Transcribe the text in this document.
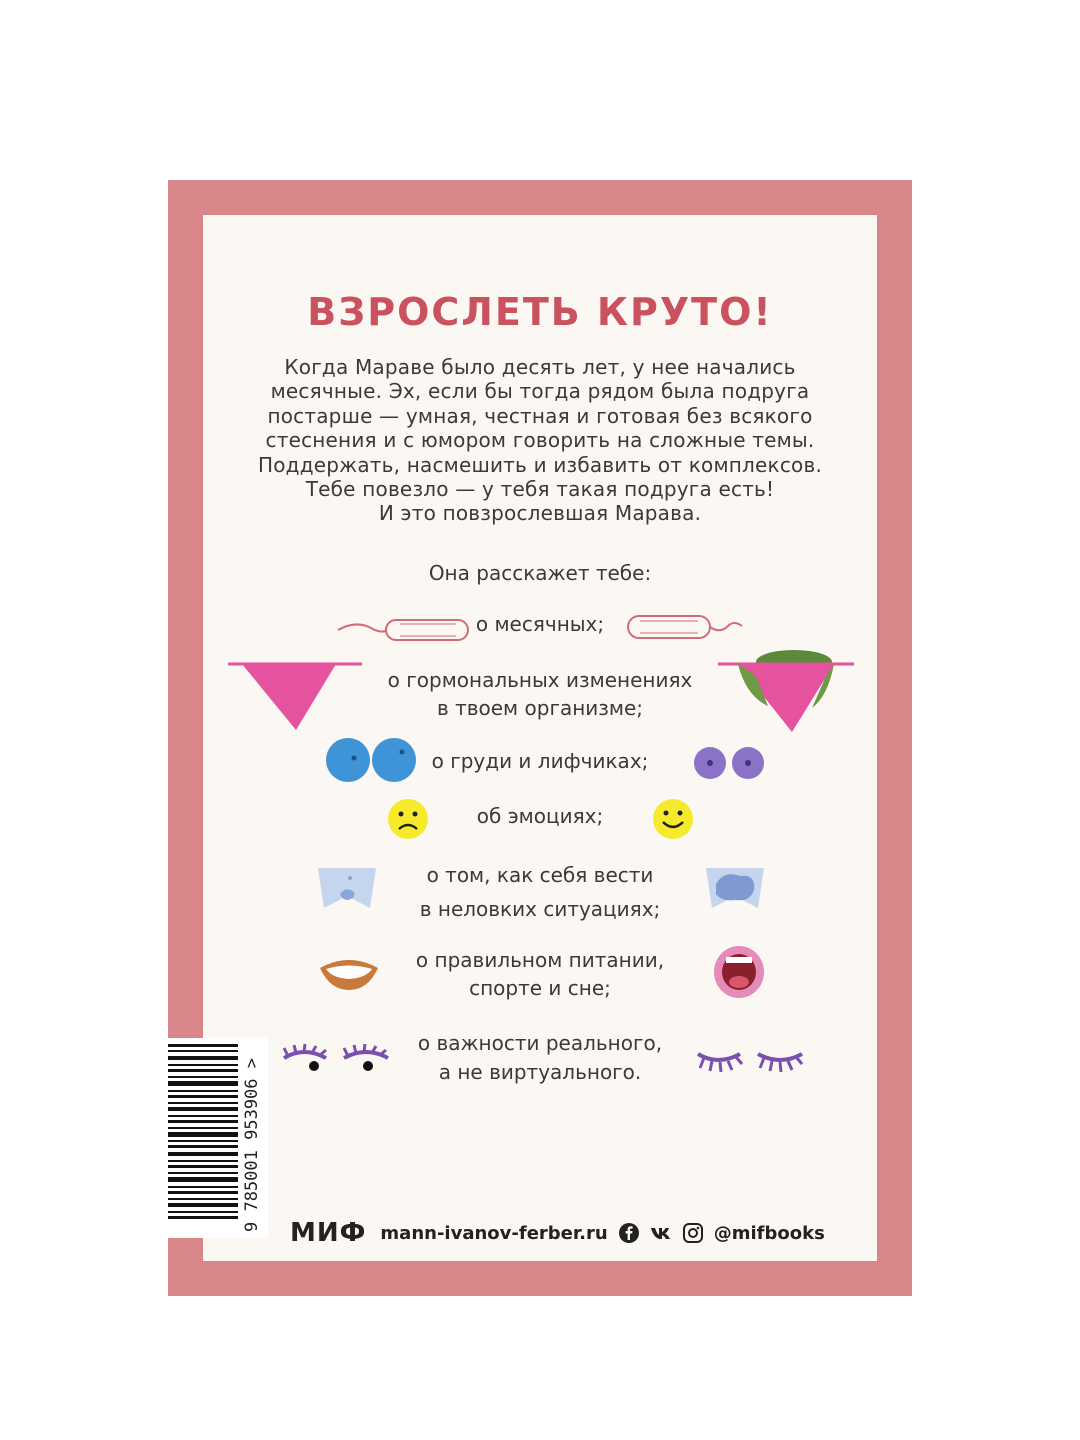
ВЗРОСЛЕТЬ КРУТО!
Когда Мараве было десять лет, у нее начались
месячные. Эх, если бы тогда рядом была подруга
постарше — умная, честная и готовая без всякого
стеснения и с юмором говорить на сложные темы.
Поддержать, насмешить и избавить от комплексов.
Тебе повезло — у тебя такая подруга есть!
И это повзрослевшая Марава.
Она расскажет тебе:
о месячных;
о гормональных изменениях
в твоем организме;
о груди и лифчиках;
об эмоциях;
о том, как себя вести
в неловких ситуациях;
о правильном питании,
спорте и сне;
о важности реального,
а не виртуального.
9 785001 953906 >
МИФ mann-ivanov-ferber.ru	@mifbooks
